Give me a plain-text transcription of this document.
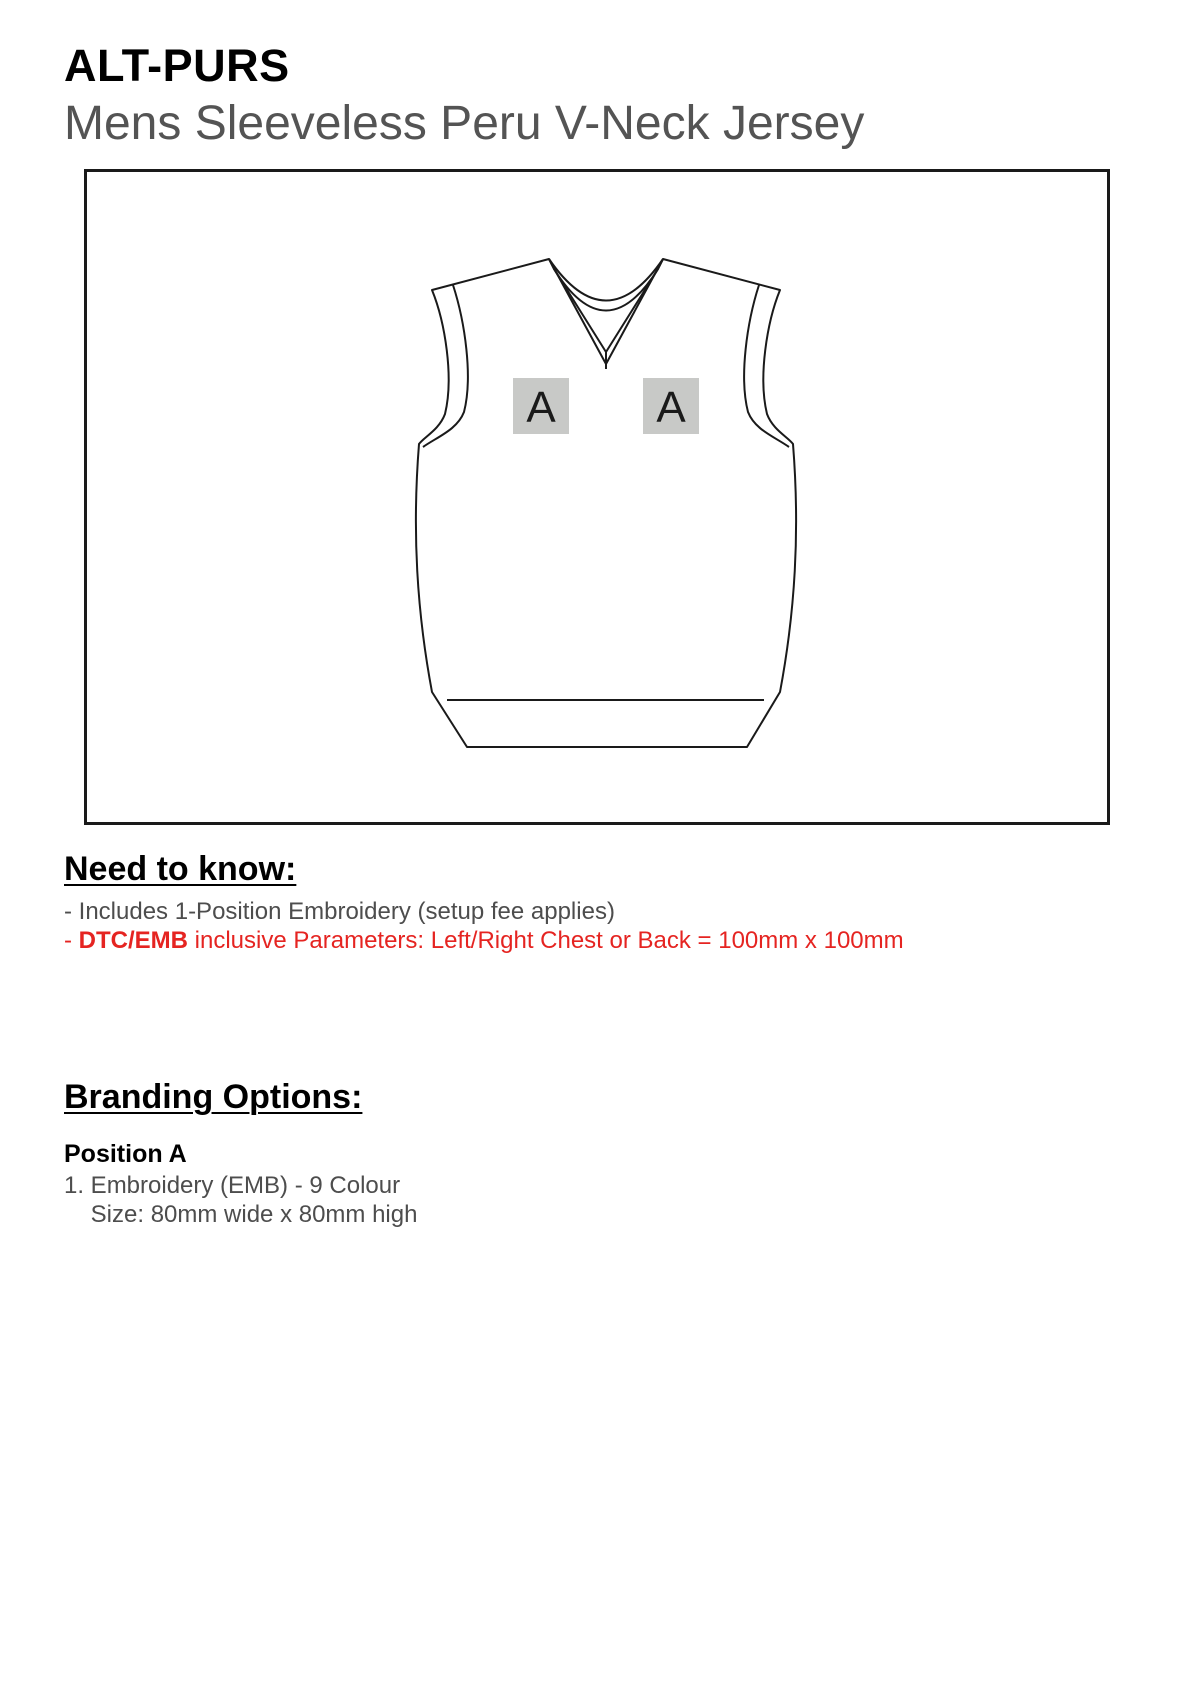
ALT-PURS
Mens Sleeveless Peru V-Neck Jersey
A A
Need to know:
- Includes 1-Position Embroidery (setup fee applies)
- DTC/EMB inclusive Parameters: Left/Right Chest or Back = 100mm x 100mm
Branding Options:
Position A
1. Embroidery (EMB) - 9 Colour
Size: 80mm wide x 80mm high
